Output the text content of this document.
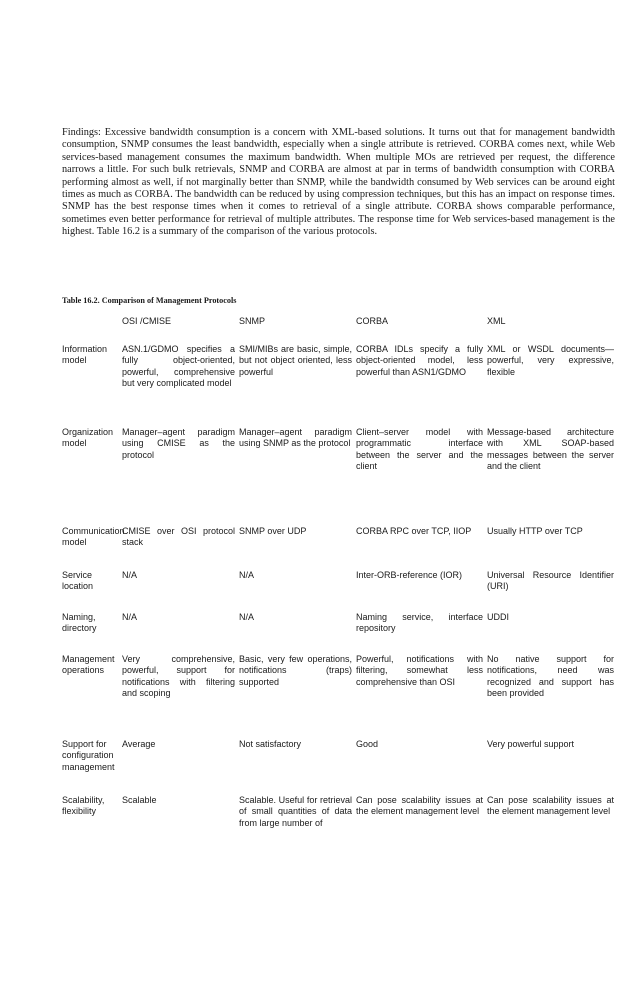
Findings: Excessive bandwidth consumption is a concern with XML-based solutions. It turns out that for management bandwidth consumption, SNMP consumes the least bandwidth, especially when a single attribute is retrieved. CORBA comes next, while Web services-based management consumes the maximum bandwidth. When multiple MOs are retrieved per request, the difference narrows a little. For such bulk retrievals, SNMP and CORBA are almost at par in terms of bandwidth consumption with CORBA performing almost as well, if not marginally better than SNMP, while the bandwidth consumed by Web services can be around eight times as much as CORBA. The bandwidth can be reduced by using compression techniques, but this has an impact on response times. SNMP has the best response times when it comes to retrieval of a single attribute. CORBA shows comparable performance, sometimes even better performance for retrieval of multiple attributes. The response time for Web services-based management is the highest. Table 16.2 is a summary of the comparison of the various protocols.

Table 16.2. Comparison of Management Protocols

	OSI /CMISE	SNMP	CORBA	XML
Information model	ASN.1/GDMO specifies a fully object-oriented, powerful, comprehensive but very complicated model	SMI/MIBs are basic, simple, but not object oriented, less powerful	CORBA IDLs specify a fully object-oriented model, less powerful than ASN1/GDMO	XML or WSDL documents— powerful, very expressive, flexible
Organization model	Manager–agent paradigm using CMISE as the protocol	Manager–agent paradigm using SNMP as the protocol	Client–server model with programmatic interface between the server and the client	Message-based architecture with XML SOAP-based messages between the server and the client
Communication model	CMISE over OSI protocol stack	SNMP over UDP	CORBA RPC over TCP, IIOP	Usually HTTP over TCP
Service location	N/A	N/A	Inter-ORB-reference (IOR)	Universal Resource Identifier (URI)
Naming, directory	N/A	N/A	Naming service, interface repository	UDDI
Management operations	Very comprehensive, powerful, support for notifications with filtering and scoping	Basic, very few operations, notifications (traps) supported	Powerful, notifications with filtering, somewhat less comprehensive than OSI	No native support for notifications, need was recognized and support has been provided
Support for configuration management	Average	Not satisfactory	Good	Very powerful support
Scalability, flexibility	Scalable	Scalable. Useful for retrieval of small quantities of data from large number of	Can pose scalability issues at the element management level	Can pose scalability issues at the element management level
